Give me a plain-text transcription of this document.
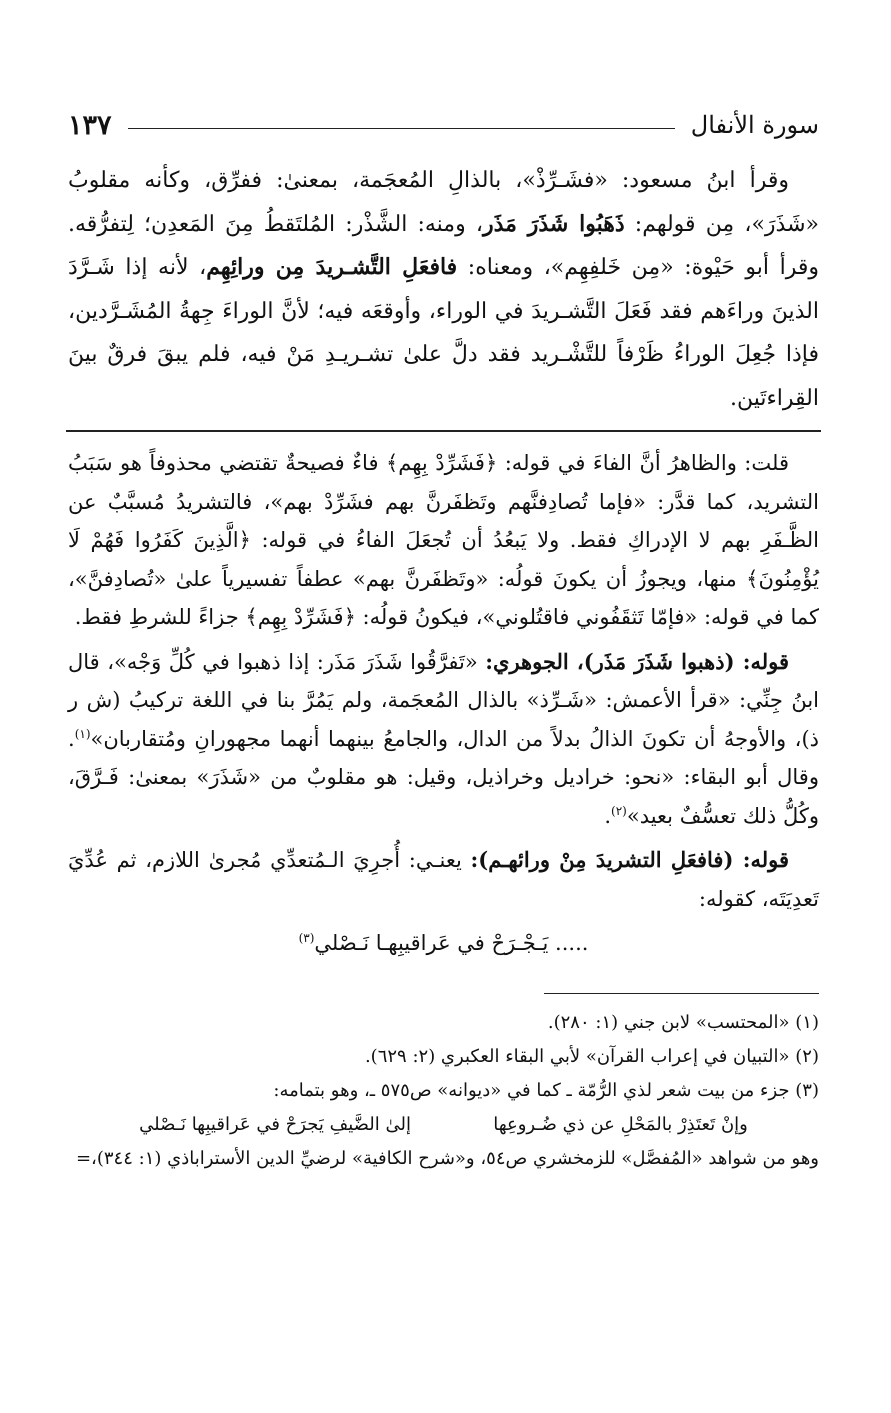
سورة الأنفال
١٣٧

وقرأ ابنُ مسعود: «فشَـرِّذْ»، بالذالِ المُعجَمة، بمعنىٰ: ففرِّق، وكأنه مقلوبُ «شَذَرَ»، مِن قولهم: ذَهَبُوا شَذَرَ مَذَر، ومنه: الشَّذْر: المُلتَقطُ مِنَ المَعدِن؛ لِتفرُّقه. وقرأ أبو حَيْوة: «مِن خَلفِهِم»، ومعناه: فافعَلِ التَّشـريدَ مِن ورائِهِم، لأنه إذا شَـرَّدَ الذينَ وراءَهم فقد فَعَلَ التَّشـريدَ في الوراء، وأوقعَه فيه؛ لأنَّ الوراءَ جِهةُ المُشَـرَّدين، فإذا جُعِلَ الوراءُ ظَرْفاً للتَّشْـريد فقد دلَّ علىٰ تشـريـدِ مَنْ فيه، فلم يبقَ فرقٌ بينَ القِراءتَين.

قلت: والظاهرُ أنَّ الفاءَ في قوله: ﴿فَشَرِّدْ بِهِم﴾ فاءٌ فصيحةٌ تقتضي محذوفاً هو سَبَبُ التشريد، كما قدَّر: «فإما تُصادِفنَّهم وتَظفَرنَّ بهم فشَرِّدْ بهم»، فالتشريدُ مُسبَّبٌ عن الظَّـفَرِ بهم لا الإدراكِ فقط. ولا يَبعُدُ أن تُجعَلَ الفاءُ في قوله: ﴿الَّذِينَ كَفَرُوا فَهُمْ لَا يُؤْمِنُونَ﴾ منها، ويجوزُ أن يكونَ قولُه: «وتَظفَرنَّ بهم» عطفاً تفسيرياً علىٰ «تُصادِفنَّ»، كما في قوله: «فإمّا تَثقَفُوني فاقتُلوني»، فيكونُ قولُه: ﴿فَشَرِّدْ بِهِم﴾ جزاءً للشرطِ فقط.

قوله: (ذهبوا شَذَرَ مَذَر)، الجوهري: «تَفرَّقُوا شَذَرَ مَذَر: إذا ذهبوا في كُلِّ وَجْه»، قال ابنُ جِنِّي: «قرأ الأعمش: «شَـرِّذ» بالذال المُعجَمة، ولم يَمُرَّ بنا في اللغة تركيبُ (ش ر ذ)، والأوجهُ أن تكونَ الذالُ بدلاً من الدال، والجامعُ بينهما أنهما مجهورانِ ومُتقاربان»$^{(١)}$. وقال أبو البقاء: «نحو: خراديل وخراذيل، وقيل: هو مقلوبٌ من «شَذَرَ» بمعنىٰ: فَـرَّقَ، وكُلُّ ذلك تعسُّفٌ بعيد»$^{(٢)}$.

قوله: (فافعَلِ التشريدَ مِنْ ورائهـم): يعنـي: أُجرِيَ الـمُتعدِّي مُجرىٰ اللازم، ثم عُدِّيَ تَعدِيَتَه، كقوله:

..... يَـجْـرَحْ في عَراقيبِهـا نَـصْلي$^{(٣)}$

(١) «المحتسب» لابن جني (١: ٢٨٠).

(٢) «التبيان في إعراب القرآن» لأبي البقاء العكبري (٢: ٦٢٩).

(٣) جزء من بيت شعر لذي الرُّمّة ـ كما في «ديوانه» ص٥٧٥ ـ، وهو بتمامه:

وإنْ تَعتَذِرْ بالمَحْلِ عن ذي ضُـروعِها
إلىٰ الضَّيفِ يَجرَحْ في عَراقيبِها نَـصْلي

وهو من شواهد «المُفصَّل» للزمخشري ص٥٤، و«شرح الكافية» لرضيِّ الدين الأستراباذي (١: ٣٤٤)،=
